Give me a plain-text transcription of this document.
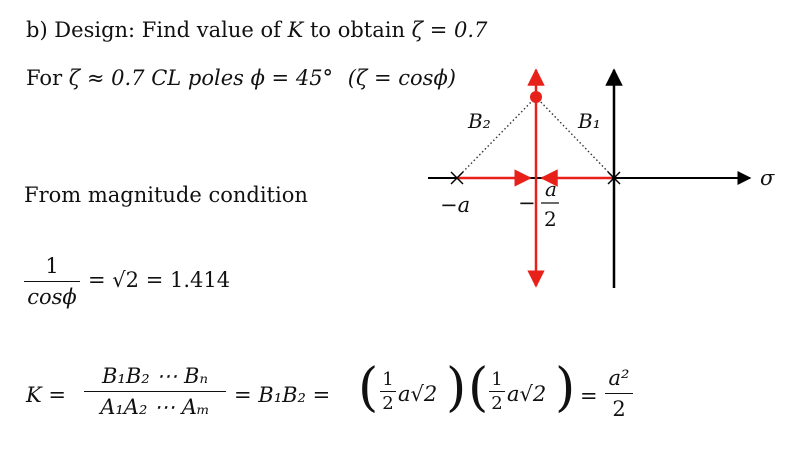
b) Design: Find value of K to obtain ζ = 0.7
For ζ ≈ 0.7 CL poles ϕ = 45° (ζ = cosϕ)
From magnitude condition
1
cosϕ
= √2 = 1.414
K =
B₁B₂ ⋯ Bₙ
A₁A₂ ⋯ Aₘ
= B₁B₂ = ( 1
2 a√2 ) ( 1
2 a√2 ) =
a²
2
B₂	B₁
σ
−a −
a
2
